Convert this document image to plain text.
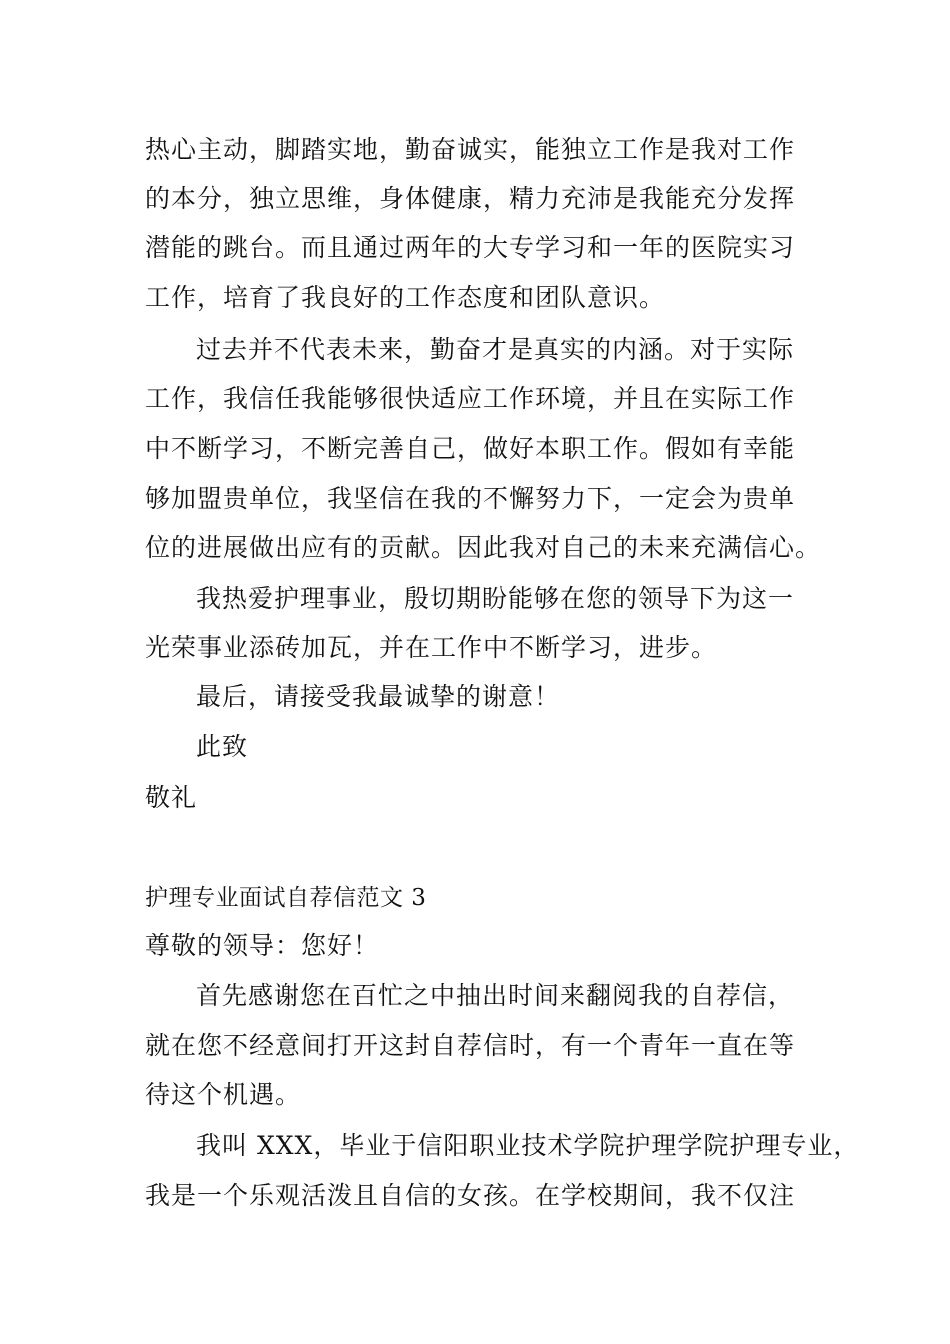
热心主动，脚踏实地，勤奋诚实，能独立工作是我对工作
的本分，独立思维，身体健康，精力充沛是我能充分发挥
潜能的跳台。而且通过两年的大专学习和一年的医院实习
工作，培育了我良好的工作态度和团队意识。
过去并不代表未来，勤奋才是真实的内涵。对于实际
工作，我信任我能够很快适应工作环境，并且在实际工作
中不断学习，不断完善自己，做好本职工作。假如有幸能
够加盟贵单位，我坚信在我的不懈努力下，一定会为贵单
位的进展做出应有的贡献。因此我对自己的未来充满信心。
我热爱护理事业，殷切期盼能够在您的领导下为这一
光荣事业添砖加瓦，并在工作中不断学习，进步。
最后，请接受我最诚挚的谢意！
此致
敬礼
护理专业面试自荐信范文 3
尊敬的领导：您好！
首先感谢您在百忙之中抽出时间来翻阅我的自荐信，
就在您不经意间打开这封自荐信时，有一个青年一直在等
待这个机遇。
我叫 XXX，毕业于信阳职业技术学院护理学院护理专业，
我是一个乐观活泼且自信的女孩。在学校期间，我不仅注
